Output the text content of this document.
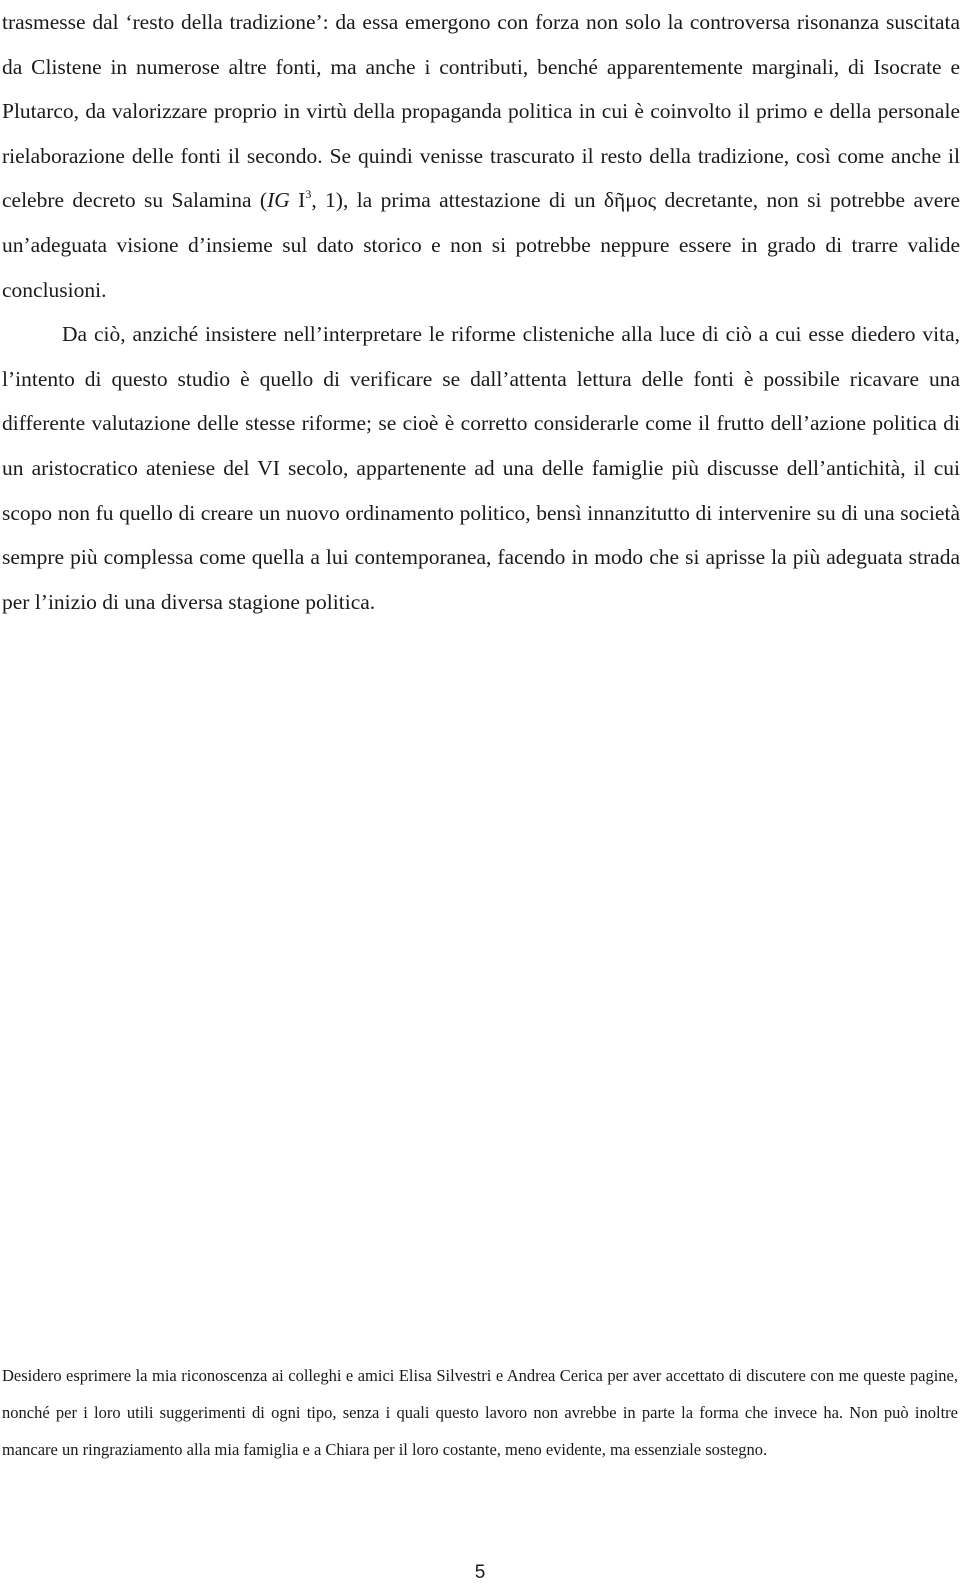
trasmesse dal ‘resto della tradizione’: da essa emergono con forza non solo la controversa risonanza suscitata da Clistene in numerose altre fonti, ma anche i contributi, benché apparentemente marginali, di Isocrate e Plutarco, da valorizzare proprio in virtù della propaganda politica in cui è coinvolto il primo e della personale rielaborazione delle fonti il secondo. Se quindi venisse trascurato il resto della tradizione, così come anche il celebre decreto su Salamina (IG $I^3$, 1), la prima attestazione di un δῆμος decretante, non si potrebbe avere un’adeguata visione d’insieme sul dato storico e non si potrebbe neppure essere in grado di trarre valide conclusioni.

Da ciò, anziché insistere nell’interpretare le riforme clisteniche alla luce di ciò a cui esse diedero vita, l’intento di questo studio è quello di verificare se dall’attenta lettura delle fonti è possibile ricavare una differente valutazione delle stesse riforme; se cioè è corretto considerarle come il frutto dell’azione politica di un aristocratico ateniese del VI secolo, appartenente ad una delle famiglie più discusse dell’antichità, il cui scopo non fu quello di creare un nuovo ordinamento politico, bensì innanzitutto di intervenire su di una società sempre più complessa come quella a lui contemporanea, facendo in modo che si aprisse la più adeguata strada per l’inizio di una diversa stagione politica.

Desidero esprimere la mia riconoscenza ai colleghi e amici Elisa Silvestri e Andrea Cerica per aver accettato di discutere con me queste pagine, nonché per i loro utili suggerimenti di ogni tipo, senza i quali questo lavoro non avrebbe in parte la forma che invece ha. Non può inoltre mancare un ringraziamento alla mia famiglia e a Chiara per il loro costante, meno evidente, ma essenziale sostegno.

5
